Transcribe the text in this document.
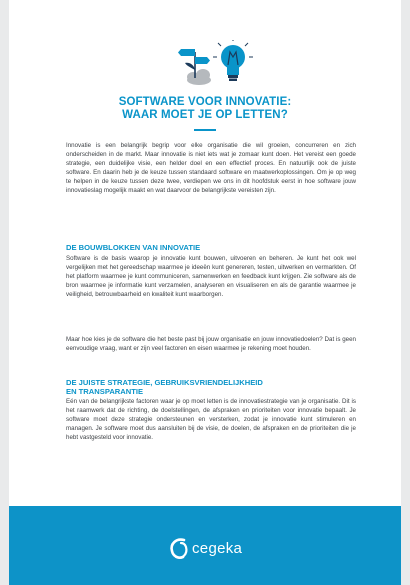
SOFTWARE VOOR INNOVATIE:
WAAR MOET JE OP LETTEN?

Innovatie is een belangrijk begrip voor elke organisatie die wil groeien, concurreren en zich onderscheiden in de markt. Maar innovatie is niet iets wat je zomaar kunt doen. Het vereist een goede strategie, een duidelijke visie, een helder doel en een effectief proces. En natuurlijk ook de juiste software. En daarin heb je de keuze tussen standaard software en maatwerkoplossingen. Om je op weg te helpen in de keuze tussen deze twee, verdiepen we ons in dit hoofdstuk eerst in hoe software jouw innovatieslag mogelijk maakt en wat daarvoor de belangrijkste vereisten zijn.

DE BOUWBLOKKEN VAN INNOVATIE

Software is de basis waarop je innovatie kunt bouwen, uitvoeren en beheren. Je kunt het ook wel vergelijken met het gereedschap waarmee je ideeën kunt genereren, testen, uitwerken en vermarkten. Of het platform waarmee je kunt communiceren, samenwerken en feedback kunt krijgen. Zie software als de bron waarmee je informatie kunt verzamelen, analyseren en visualiseren en als de garantie waarmee je veiligheid, betrouwbaarheid en kwaliteit kunt waarborgen.

Maar hoe kies je de software die het beste past bij jouw organisatie en jouw innovatiedoelen? Dat is geen eenvoudige vraag, want er zijn veel factoren en eisen waarmee je rekening moet houden.

DE JUISTE STRATEGIE, GEBRUIKSVRIENDELIJKHEID
EN TRANSPARANTIE

Eén van de belangrijkste factoren waar je op moet letten is de innovatiestrategie van je organisatie. Dit is het raamwerk dat de richting, de doelstellingen, de afspraken en prioriteiten voor innovatie bepaalt. Je software moet deze strategie ondersteunen en versterken, zodat je innovatie kunt stimuleren en managen. Je software moet dus aansluiten bij de visie, de doelen, de afspraken en de prioriteiten die je hebt vastgesteld voor innovatie.

cegeka
